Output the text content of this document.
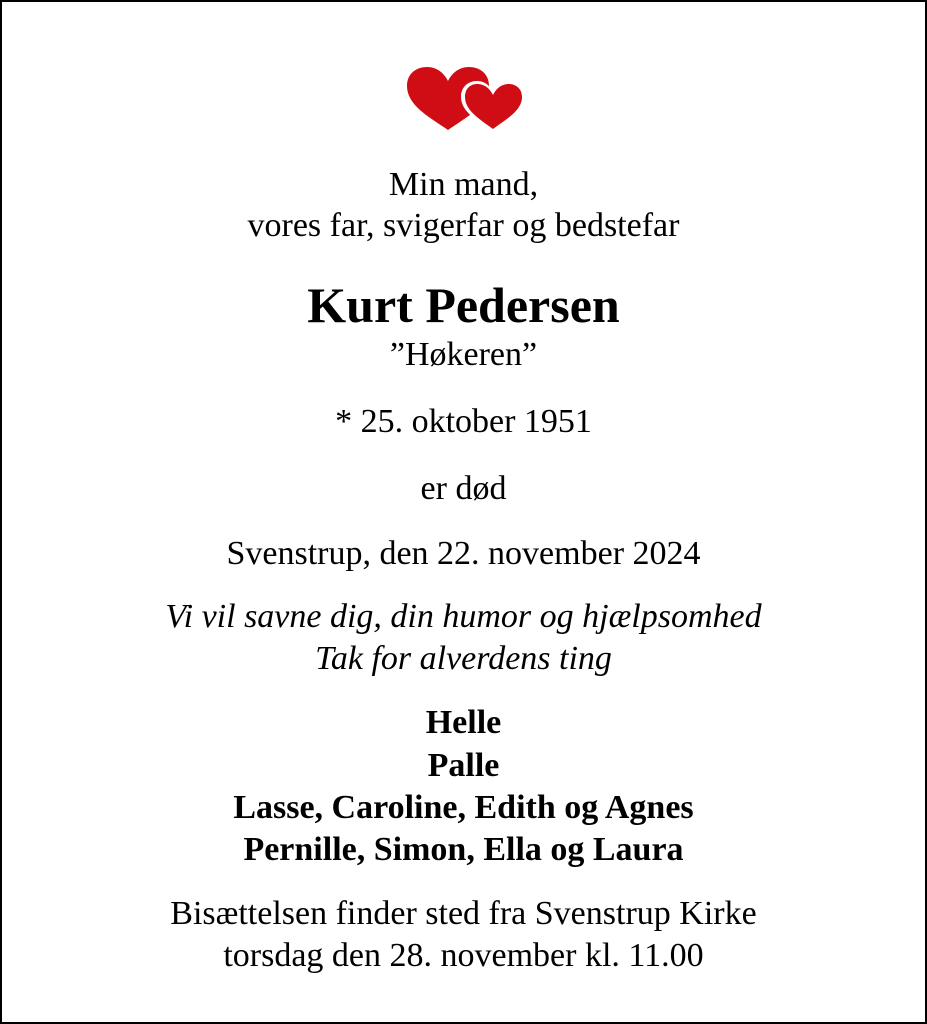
Min mand,
vores far, svigerfar og bedstefar
Kurt Pedersen
”Høkeren”
* 25. oktober 1951
er død
Svenstrup, den 22. november 2024
Vi vil savne dig, din humor og hjælpsomhed
Tak for alverdens ting
Helle
Palle
Lasse, Caroline, Edith og Agnes
Pernille, Simon, Ella og Laura
Bisættelsen finder sted fra Svenstrup Kirke
torsdag den 28. november kl. 11.00
